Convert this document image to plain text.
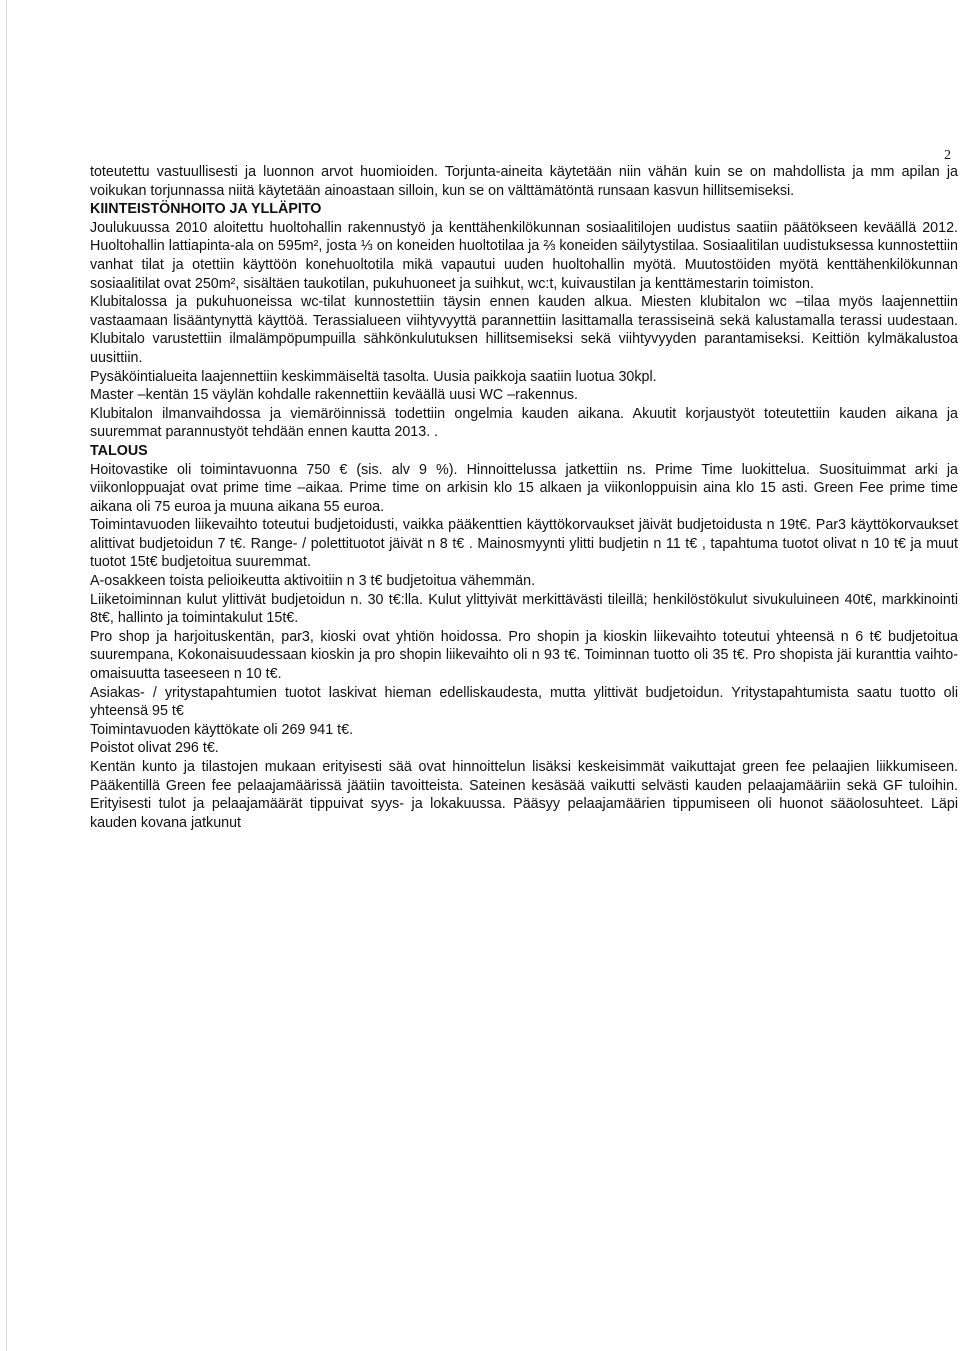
2

toteutettu vastuullisesti ja luonnon arvot huomioiden. Torjunta-aineita käytetään niin vähän kuin se on mahdollista ja mm apilan ja voikukan torjunnassa niitä käytetään ainoastaan silloin, kun se on välttämätöntä runsaan kasvun hillitsemiseksi.

KIINTEISTÖNHOITO JA YLLÄPITO

Joulukuussa 2010 aloitettu huoltohallin rakennustyö ja kenttähenkilökunnan sosiaalitilojen uudistus saatiin päätökseen keväällä 2012. Huoltohallin lattiapinta-ala on 595m², josta ⅓ on koneiden huoltotilaa ja ⅔ koneiden säilytystilaa. Sosiaalitilan uudistuksessa kunnostettiin vanhat tilat ja otettiin käyttöön konehuoltotila mikä vapautui uuden huoltohallin myötä. Muutostöiden myötä kenttähenkilökunnan sosiaalitilat ovat 250m², sisältäen taukotilan, pukuhuoneet ja suihkut, wc:t, kuivaustilan ja kenttämestarin toimiston.

Klubitalossa ja pukuhuoneissa wc-tilat kunnostettiin täysin ennen kauden alkua. Miesten klubitalon wc –tilaa myös laajennettiin vastaamaan lisääntynyttä käyttöä. Terassialueen viihtyvyyttä parannettiin lasittamalla terassiseinä sekä kalustamalla terassi uudestaan. Klubitalo varustettiin ilmalämpöpumpuilla sähkönkulutuksen hillitsemiseksi sekä viihtyvyyden parantamiseksi. Keittiön kylmäkalustoa uusittiin.

Pysäköintialueita laajennettiin keskimmäiseltä tasolta. Uusia paikkoja saatiin luotua 30kpl.

Master –kentän 15 väylän kohdalle rakennettiin keväällä uusi WC –rakennus.

Klubitalon ilmanvaihdossa ja viemäröinnissä todettiin ongelmia kauden aikana. Akuutit korjaustyöt toteutettiin kauden aikana ja suuremmat parannustyöt tehdään ennen kautta 2013. .

TALOUS

Hoitovastike oli toimintavuonna 750 € (sis. alv 9 %). Hinnoittelussa jatkettiin ns. Prime Time luokittelua. Suosituimmat arki ja viikonloppuajat ovat prime time –aikaa. Prime time on arkisin klo 15 alkaen ja viikonloppuisin aina klo 15 asti. Green Fee prime time aikana oli 75 euroa ja muuna aikana 55 euroa.

Toimintavuoden liikevaihto toteutui budjetoidusti, vaikka pääkenttien käyttökorvaukset jäivät budjetoidusta n 19t€. Par3 käyttökorvaukset alittivat budjetoidun 7 t€. Range- / polettituotot jäivät n 8 t€ . Mainosmyynti ylitti budjetin n 11 t€ , tapahtuma tuotot olivat n 10 t€ ja muut tuotot 15t€ budjetoitua suuremmat.

A-osakkeen toista pelioikeutta aktivoitiin n 3 t€ budjetoitua vähemmän.

Liiketoiminnan kulut ylittivät budjetoidun n. 30 t€:lla. Kulut ylittyivät merkittävästi tileillä; henkilöstökulut sivukuluineen 40t€, markkinointi 8t€, hallinto ja toimintakulut 15t€.

Pro shop ja harjoituskentän, par3, kioski ovat yhtiön hoidossa. Pro shopin ja kioskin liikevaihto toteutui yhteensä n 6 t€ budjetoitua suurempana, Kokonaisuudessaan kioskin ja pro shopin liikevaihto oli n 93 t€. Toiminnan tuotto oli 35 t€. Pro shopista jäi kuranttia vaihto-omaisuutta taseeseen n 10 t€.

Asiakas- / yritystapahtumien tuotot laskivat hieman edelliskaudesta, mutta ylittivät budjetoidun. Yritystapahtumista saatu tuotto oli yhteensä 95 t€

Toimintavuoden käyttökate oli 269 941 t€.

Poistot olivat 296 t€.

Kentän kunto ja tilastojen mukaan erityisesti sää ovat hinnoittelun lisäksi keskeisimmät vaikuttajat green fee pelaajien liikkumiseen. Pääkentillä Green fee pelaajamäärissä jäätiin tavoitteista. Sateinen kesäsää vaikutti selvästi kauden pelaajamääriin sekä GF tuloihin. Erityisesti tulot ja pelaajamäärät tippuivat syys- ja lokakuussa. Pääsyy pelaajamäärien tippumiseen oli huonot sääolosuhteet. Läpi kauden kovana jatkunut
